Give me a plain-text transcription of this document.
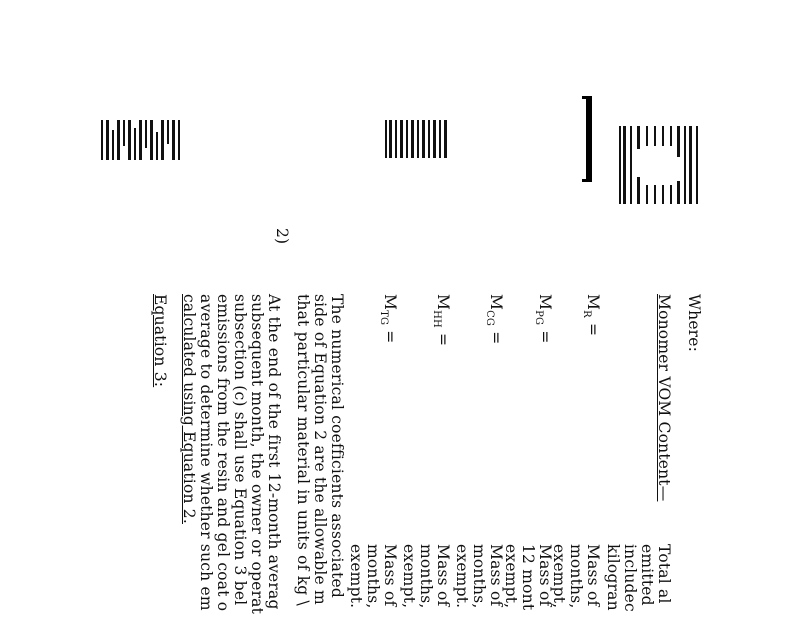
Where:
Monomer VOM Content—
Total al
emitted
includec
kilogran
$M_R$ =
Mass of
months,
exempt,
$M_{PG}$ =
Mass of
12 mont
exempt,
$M_{CG}$ =
Mass of
months,
exempt.
$M_{HH}$ =
Mass of
months,
exempt,
$M_{TG}$ =
Mass of
months,
exempt.
The numerical coefficients associated
side of Equation 2 are the allowable m
that particular material in units of kg \
2)
At the end of the first 12-month averag
subsequent month, the owner or operat
subsection (c) shall use Equation 3 bel
emissions from the resin and gel coat o
average to determine whether such em
calculated using Equation 2.
Equation 3:
